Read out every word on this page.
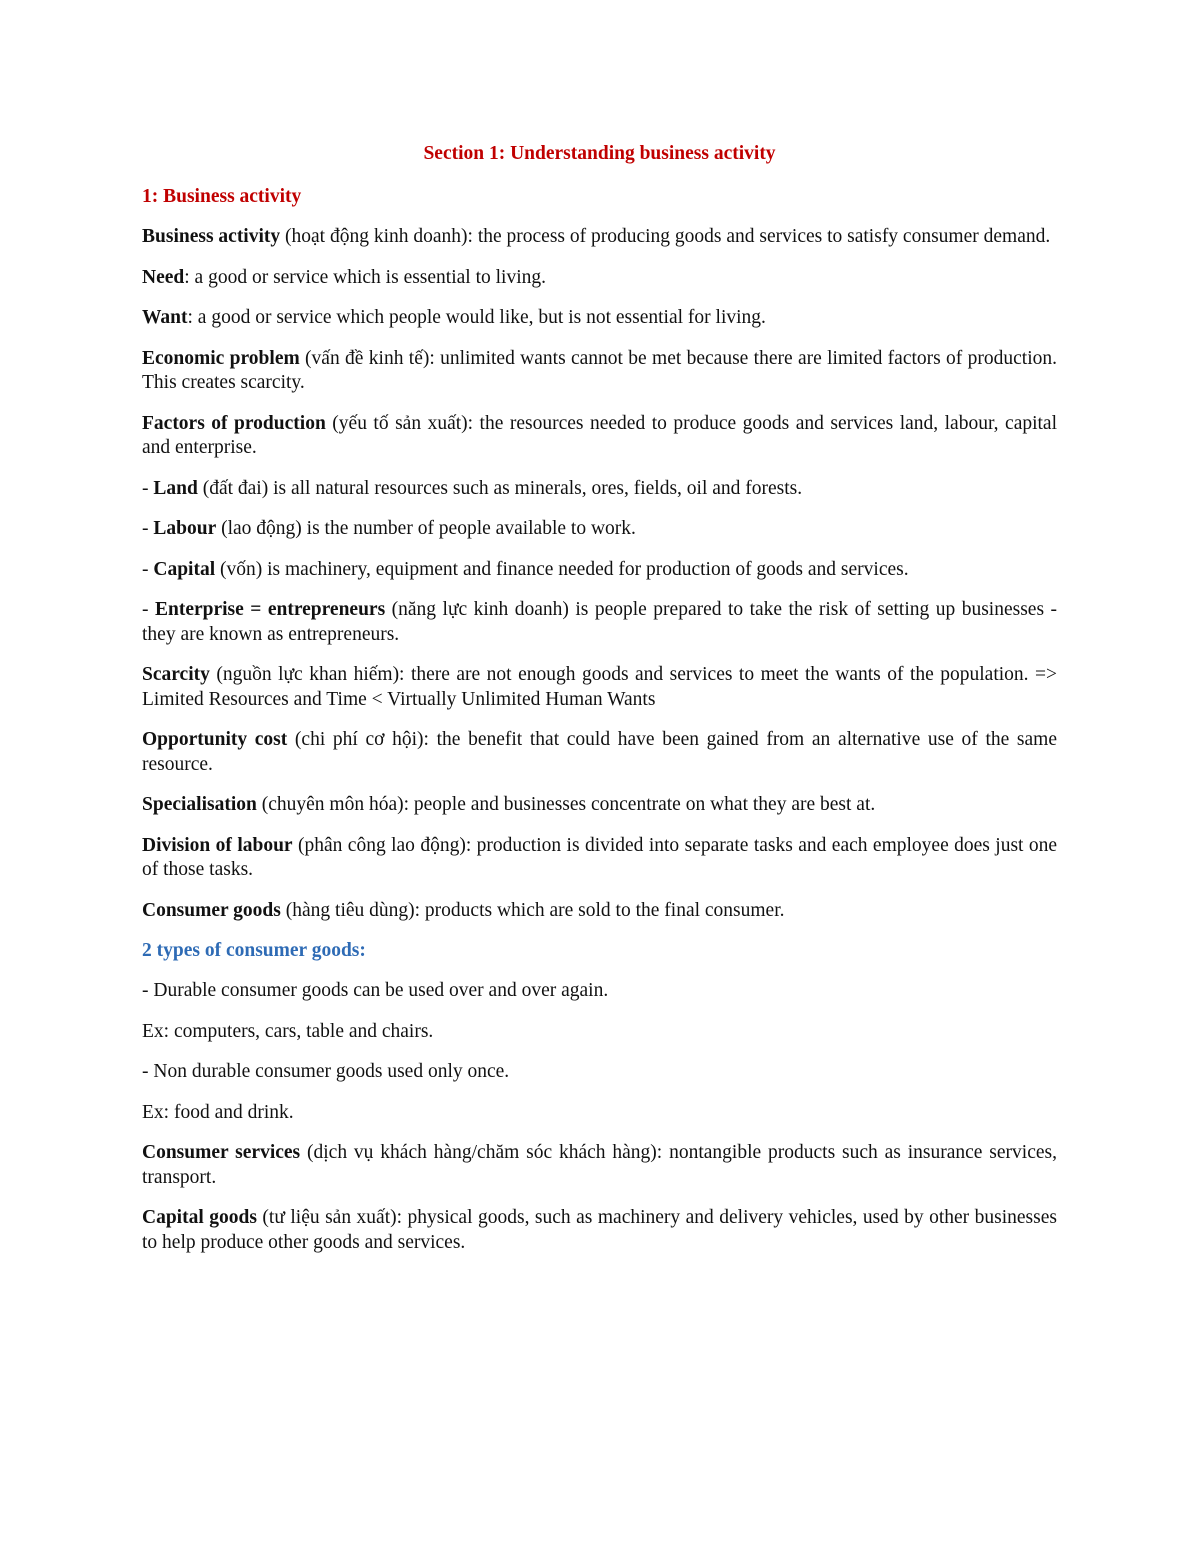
Section 1: Understanding business activity
1: Business activity

Business activity (hoạt động kinh doanh): the process of producing goods and services to satisfy consumer demand.

Need: a good or service which is essential to living.

Want: a good or service which people would like, but is not essential for living.

Economic problem (vấn đề kinh tế): unlimited wants cannot be met because there are limited factors of production. This creates scarcity.

Factors of production (yếu tố sản xuất): the resources needed to produce goods and services land, labour, capital and enterprise.

- Land (đất đai) is all natural resources such as minerals, ores, fields, oil and forests.

- Labour (lao động) is the number of people available to work.

- Capital (vốn) is machinery, equipment and finance needed for production of goods and services.

- Enterprise = entrepreneurs (năng lực kinh doanh) is people prepared to take the risk of setting up businesses - they are known as entrepreneurs.

Scarcity (nguồn lực khan hiếm): there are not enough goods and services to meet the wants of the population. => Limited Resources and Time < Virtually Unlimited Human Wants

Opportunity cost (chi phí cơ hội): the benefit that could have been gained from an alternative use of the same resource.

Specialisation (chuyên môn hóa): people and businesses concentrate on what they are best at.

Division of labour (phân công lao động): production is divided into separate tasks and each employee does just one of those tasks.

Consumer goods (hàng tiêu dùng): products which are sold to the final consumer.

2 types of consumer goods:

- Durable consumer goods can be used over and over again.

Ex: computers, cars, table and chairs.

- Non durable consumer goods used only once.

Ex: food and drink.

Consumer services (dịch vụ khách hàng/chăm sóc khách hàng): nontangible products such as insurance services, transport.

Capital goods (tư liệu sản xuất): physical goods, such as machinery and delivery vehicles, used by other businesses to help produce other goods and services.
